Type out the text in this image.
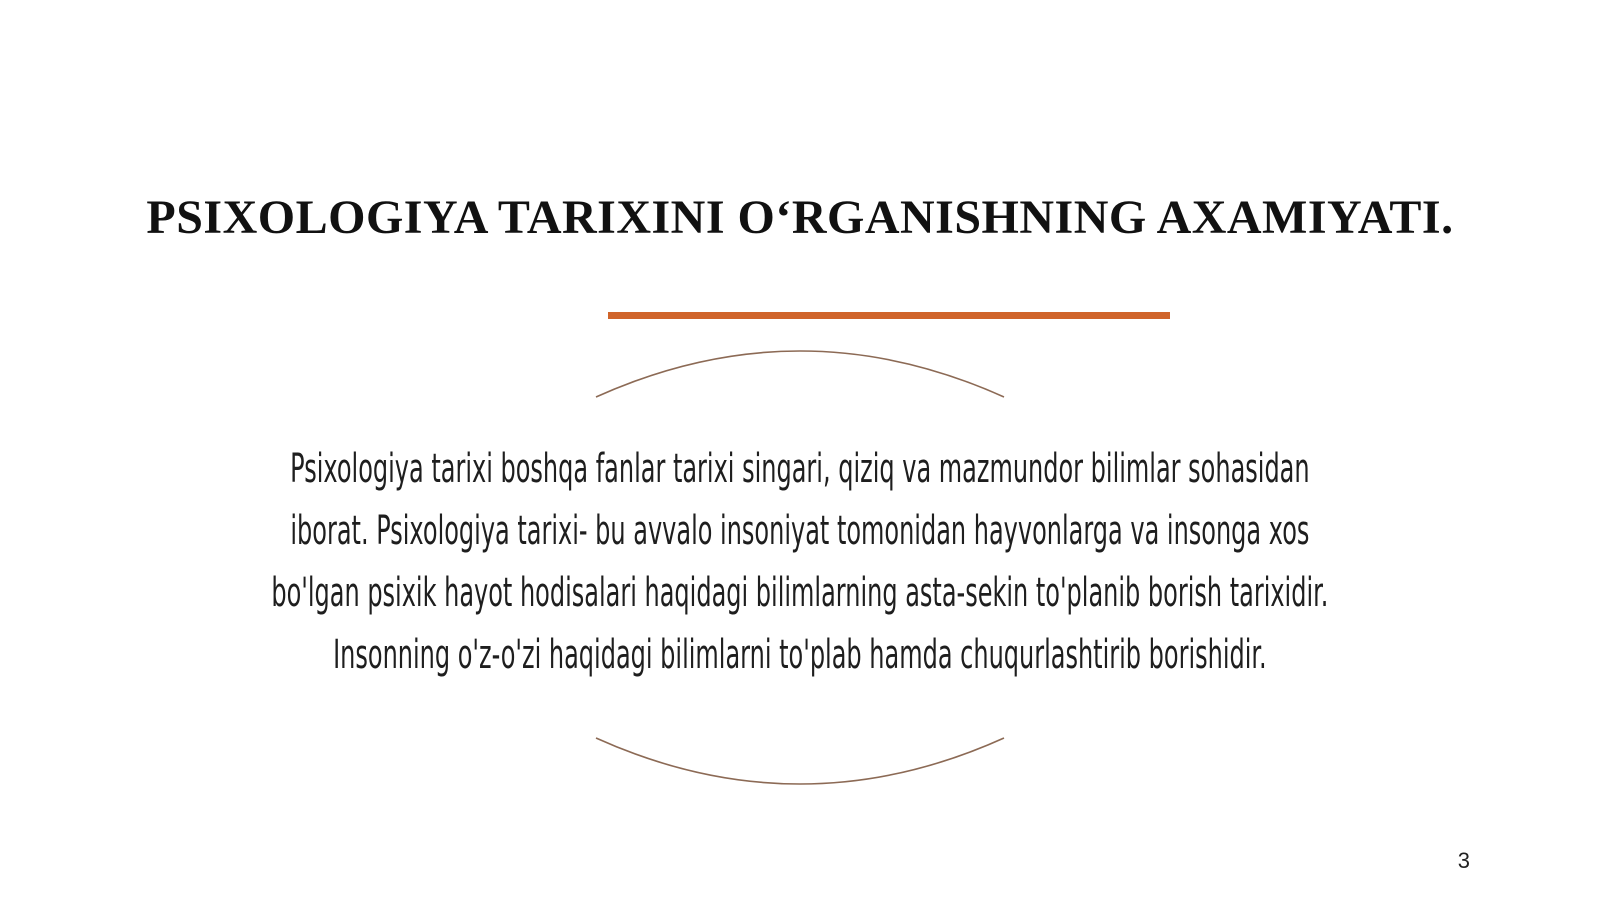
PSIXOLOGIYA TARIXINI O‘RGANISHNING AXAMIYATI.
Psixologiya tarixi boshqa fanlar tarixi singari, qiziq va mazmundor bilimlar sohasidan
iborat. Psixologiya tarixi- bu avvalo insoniyat tomonidan hayvonlarga va insonga xos
bo'lgan psixik hayot hodisalari haqidagi bilimlarning asta-sekin to'planib borish tarixidir.
Insonning o'z-o'zi haqidagi bilimlarni to'plab hamda chuqurlashtirib borishidir.
3
